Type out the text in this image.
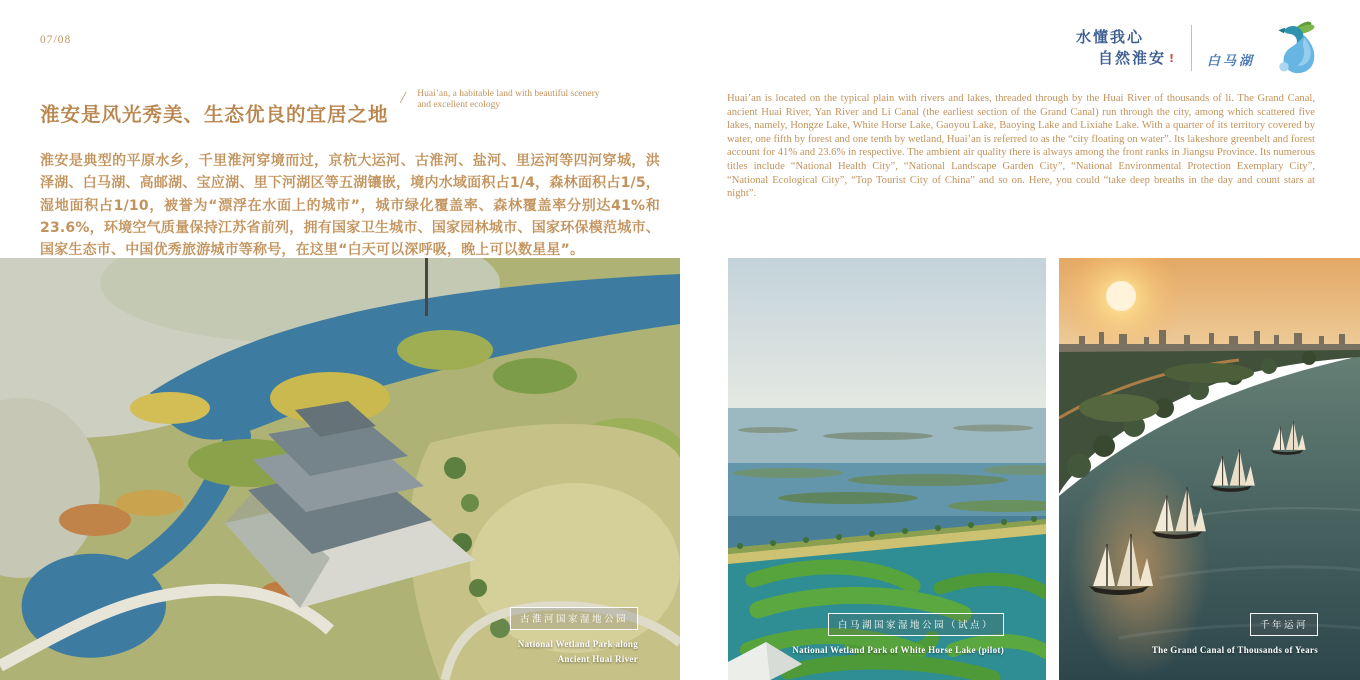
07/08	水懂我心
自然淮安 ! 白马湖
淮安是风光秀美、生态优良的宜居之地
/ Huai’an, a habitable land with beautiful scenery
and excellent ecology

淮安是典型的平原水乡，千里淮河穿境而过，京杭大运河、古淮河、盐河、里运河等四河穿城，洪泽湖、白马湖、高邮湖、宝应湖、里下河湖区等五湖镶嵌，境内水域面积占1/4，森林面积占1/5，湿地面积占1/10，被誉为“漂浮在水面上的城市”，城市绿化覆盖率、森林覆盖率分别达41%和23.6%，环境空气质量保持江苏省前列，拥有国家卫生城市、国家园林城市、国家环保模范城市、国家生态市、中国优秀旅游城市等称号，在这里“白天可以深呼吸，晚上可以数星星”。

Huai’an is located on the typical plain with rivers and lakes, threaded through by the Huai River of thousands of li. The Grand Canal, ancient Huai River, Yan River and Li Canal (the earliest section of the Grand Canal) run through the city, among which scattered five lakes, namely, Hongze Lake, White Horse Lake, Gaoyou Lake, Baoying Lake and Lixiahe Lake. With a quarter of its territory covered by water, one fifth by forest and one tenth by wetland, Huai’an is referred to as the “city floating on water”. Its lakeshore greenbelt and forest account for 41% and 23.6% in respective. The ambient air quality there is always among the front ranks in Jiangsu Province. Its numerous titles include “National Health City”, “National Landscape Garden City”, “National Environmental Protection Exemplary City”, “National Ecological City”, “Top Tourist City of China” and so on. Here, you could “take deep breaths in the day and count stars at night”.

古淮河国家湿地公园
National Wetland Park along
Ancient Huai River
白马湖国家湿地公园（试点）
National Wetland Park of White Horse Lake (pilot)
千年运河
The Grand Canal of Thousands of Years
